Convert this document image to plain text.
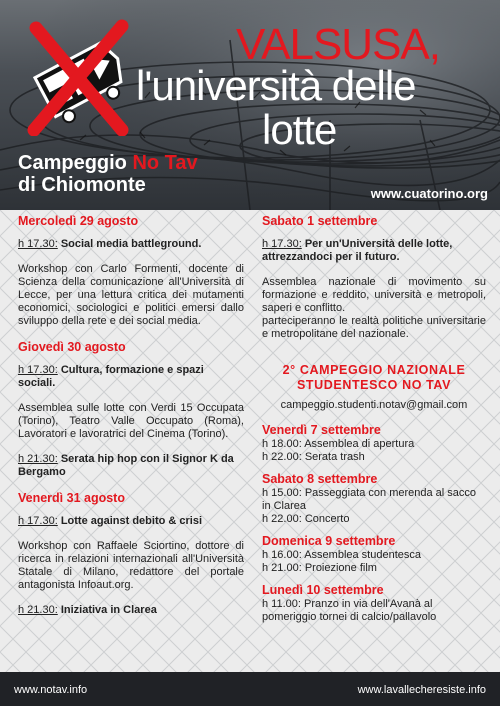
VALSUSA,
l'università delle
lotte
Campeggio No Tav
di Chiomonte	www.cuatorino.org
Mercoledì 29 agosto
h 17.30: Social media battleground.
Workshop con Carlo Formenti, docente di Scienza della comunicazione all'Università di Lecce, per una lettura critica dei mutamenti economici, sociologici e politici emersi dallo sviluppo della rete e dei social media.
Giovedì 30 agosto
h 17.30: Cultura, formazione e spazi sociali.
Assemblea sulle lotte con Verdi 15 Occupata (Torino), Teatro Valle Occupato (Roma), Lavoratori e lavoratrici del Cinema (Torino).
h 21.30: Serata hip hop con il Signor K da Bergamo
Venerdì 31 agosto
h 17.30: Lotte against debito & crisi
Workshop con Raffaele Sciortino, dottore di ricerca in relazioni internazionali all'Università Statale di Milano, redattore del portale antagonista Infoaut.org.
h 21.30: Iniziativa in Clarea
Sabato 1 settembre
h 17.30: Per un'Università delle lotte, attrezzandoci per il futuro.
Assemblea nazionale di movimento su formazione e reddito, università e metropoli, saperi e conflitto.
parteciperanno le realtà politiche universitarie e metropolitane del nazionale.
2° CAMPEGGIO NAZIONALE
STUDENTESCO NO TAV
campeggio.studenti.notav@gmail.com
Venerdì 7 settembre
h 18.00: Assemblea di apertura
h 22.00: Serata trash
Sabato 8 settembre
h 15.00: Passeggiata con merenda al sacco in Clarea
h 22.00: Concerto
Domenica 9 settembre
h 16.00: Assemblea studentesca
h 21.00: Proiezione film
Lunedì 10 settembre
h 11.00: Pranzo in via dell'Avanà al pomeriggio tornei di calcio/pallavolo
www.notav.info	www.lavallecheresiste.info
